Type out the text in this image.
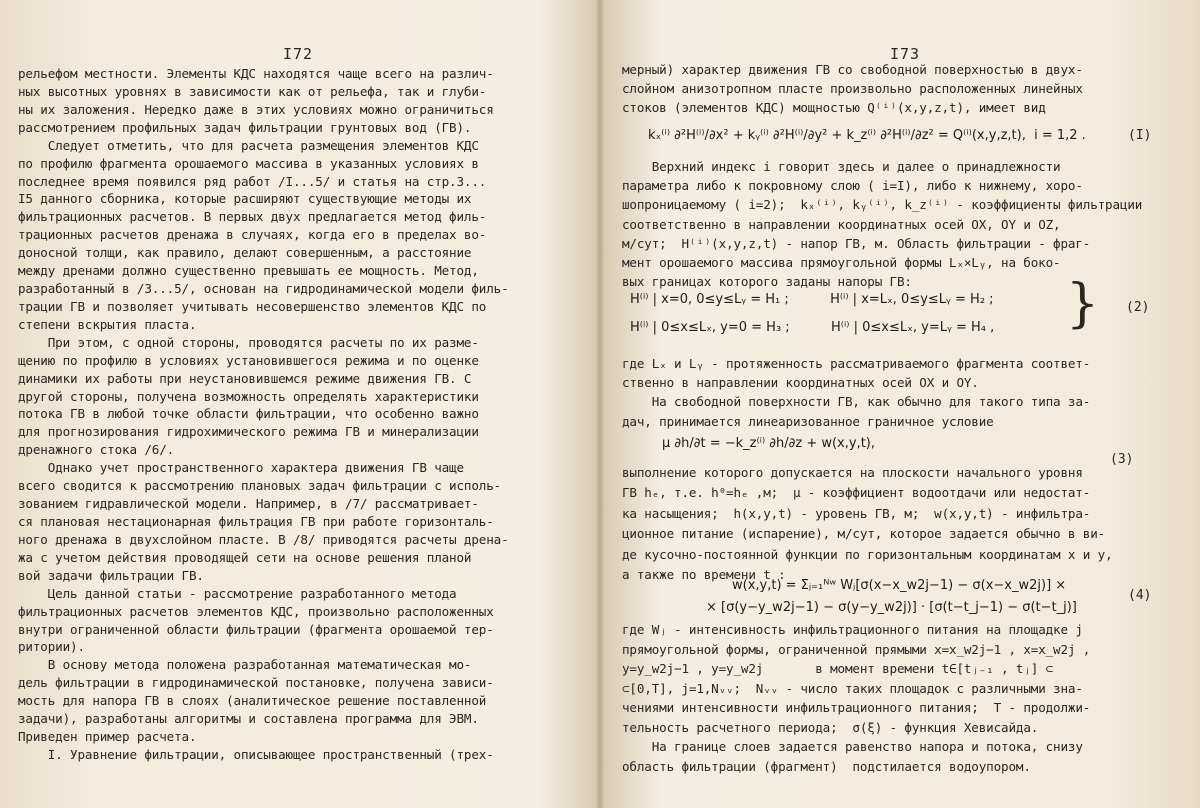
I72
рельефом местности. Элементы КДС находятся чаще всего на различ-
ных высотных уровнях в зависимости как от рельефа, так и глуби-
ны их заложения. Нередко даже в этих условиях можно ограничиться
рассмотрением профильных задач фильтрации грунтовых вод (ГВ).
Следует отметить, что для расчета размещения элементов КДС
по профилю фрагмента орошаемого массива в указанных условиях в
последнее время появился ряд работ /I...5/ и статья на стр.3...
I5 данного сборника, которые расширяют существующие методы их
фильтрационных расчетов. В первых двух предлагается метод филь-
трационных расчетов дренажа в случаях, когда его в пределах во-
доносной толщи, как правило, делают совершенным, а расстояние
между дренами должно существенно превышать ее мощность. Метод,
разработанный в /3...5/, основан на гидродинамической модели филь-
трации ГВ и позволяет учитывать несовершенство элементов КДС по
степени вскрытия пласта.
При этом, с одной стороны, проводятся расчеты по их разме-
щению по профилю в условиях установившегося режима и по оценке
динамики их работы при неустановившемся режиме движения ГВ. С
другой стороны, получена возможность определять характеристики
потока ГВ в любой точке области фильтрации, что особенно важно
для прогнозирования гидрохимического режима ГВ и минерализации
дренажного стока /6/.
Однако учет пространственного характера движения ГВ чаще
всего сводится к рассмотрению плановых задач фильтрации с исполь-
зованием гидравлической модели. Например, в /7/ рассматривает-
ся плановая нестационарная фильтрация ГВ при работе горизонталь-
ного дренажа в двухслойном пласте. В /8/ приводятся расчеты дрена-
жа с учетом действия проводящей сети на основе решения планой
вой задачи фильтрации ГВ.
Цель данной статьи - рассмотрение разработанного метода
фильтрационных расчетов элементов КДС, произвольно расположенных
внутри ограниченной области фильтрации (фрагмента орошаемой тер-
ритории).
В основу метода положена разработанная математическая мо-
дель фильтрации в гидродинамической постановке, получена зависи-
мость для напора ГВ в слоях (аналитическое решение поставленной
задачи), разработаны алгоритмы и составлена программа для ЭВМ.
Приведен пример расчета.
I. Уравнение фильтрации, описывающее пространственный (трех-
I73
мерный) характер движения ГВ со свободной поверхностью в двух-
слойном анизотропном пласте произвольно расположенных линейных
стоков (элементов КДС) мощностью Q⁽ⁱ⁾(x,y,z,t), имеет вид
kₓ⁽ⁱ⁾ ∂²H⁽ⁱ⁾/∂x² + kᵧ⁽ⁱ⁾ ∂²H⁽ⁱ⁾/∂y² + k_z⁽ⁱ⁾ ∂²H⁽ⁱ⁾/∂z² = Q⁽ⁱ⁾(x,y,z,t),  i = 1,2 .	(I)
Верхний индекс i говорит здесь и далее о принадлежности
параметра либо к покровному слою ( i=I), либо к нижнему, хоро-
шопроницаемому ( i=2);  kₓ⁽ⁱ⁾, kᵧ⁽ⁱ⁾, k_z⁽ⁱ⁾ - коэффициенты фильтрации
соответственно в направлении координатных осей OX, OY и OZ,
м/сут;  H⁽ⁱ⁾(x,y,z,t) - напор ГВ, м. Область фильтрации - фраг-
мент орошаемого массива прямоугольной формы Lₓ×Lᵧ, на боко-
вых границах которого заданы напоры ГВ:
H⁽ⁱ⁾ | x=0, 0≤y≤Lᵧ = H₁ ;          H⁽ⁱ⁾ | x=Lₓ, 0≤y≤Lᵧ = H₂ ;
H⁽ⁱ⁾ | 0≤x≤Lₓ, y=0 = H₃ ;          H⁽ⁱ⁾ | 0≤x≤Lₓ, y=Lᵧ = H₄ , } (2)
где Lₓ и Lᵧ - протяженность рассматриваемого фрагмента соответ-
ственно в направлении координатных осей OX и OY.
На свободной поверхности ГВ, как обычно для такого типа за-
дач, принимается линеаризованное граничное условие
μ ∂h/∂t = −k_z⁽ⁱ⁾ ∂h/∂z + w(x,y,t),
(3)
выполнение которого допускается на плоскости начального уровня
ГВ hₑ, т.е. h⁰=hₑ ,м;  μ - коэффициент водоотдачи или недостат-
ка насыщения;  h(x,y,t) - уровень ГВ, м;  w(x,y,t) - инфильтра-
ционное питание (испарение), м/сут, которое задается обычно в ви-
де кусочно-постоянной функции по горизонтальным координатам x и y,
а также по времени t :
w(x,y,t) = Σⱼ₌₁ᴺʷ Wⱼ[σ(x−x_w2j−1) − σ(x−x_w2j)] ×
× [σ(y−y_w2j−1) − σ(y−y_w2j)] · [σ(t−t_j−1) − σ(t−t_j)]
(4)
где Wⱼ - интенсивность инфильтрационного питания на площадке j
прямоугольной формы, ограниченной прямыми x=x_w2j−1 , x=x_w2j ,
y=y_w2j−1 , y=y_w2j       в момент времени t∈[tⱼ₋₁ , tⱼ] ⊂
⊂[0,T], j=1,Nᵥᵥ;  Nᵥᵥ - число таких площадок с различными зна-
чениями интенсивности инфильтрационного питания;  T - продолжи-
тельность расчетного периода;  σ(ξ) - функция Хевисайда.
На границе слоев задается равенство напора и потока, снизу
область фильтрации (фрагмент)  подстилается водоупором.
